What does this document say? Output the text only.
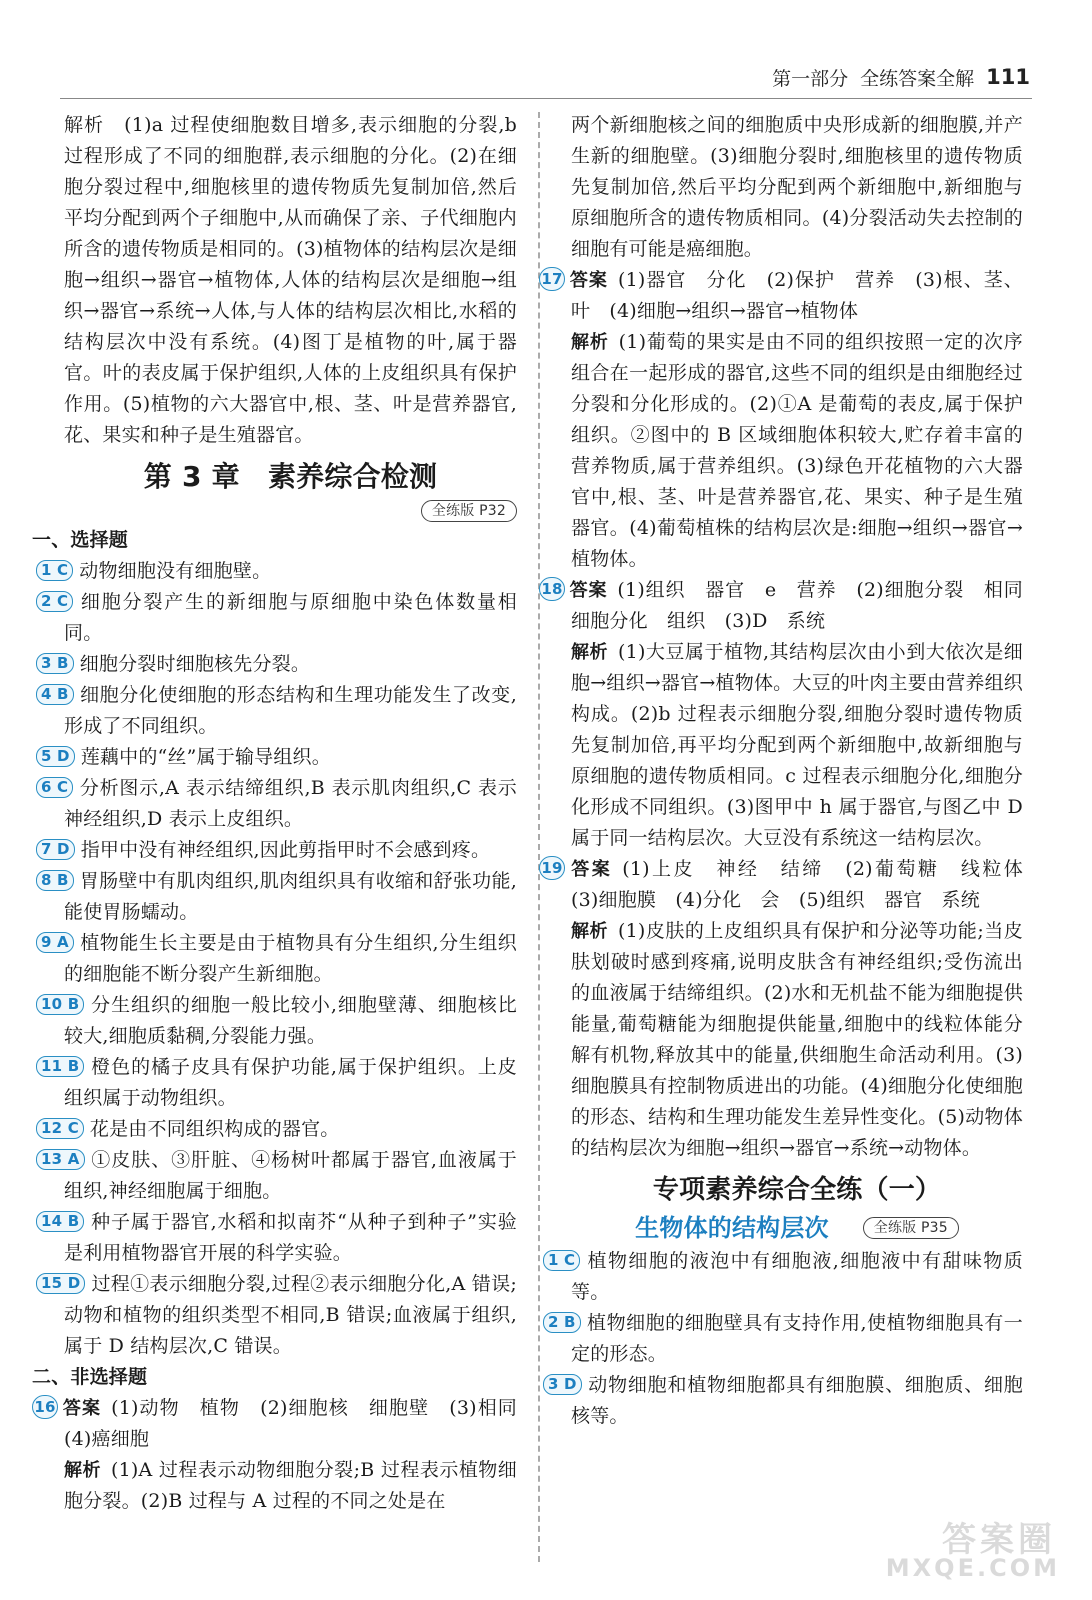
第一部分 全练答案全解 111

解析　(1)a 过程使细胞数目增多,表示细胞的分裂,b 过程形成了不同的细胞群,表示细胞的分化。(2)在细胞分裂过程中,细胞核里的遗传物质先复制加倍,然后平均分配到两个子细胞中,从而确保了亲、子代细胞内所含的遗传物质是相同的。(3)植物体的结构层次是细胞→组织→器官→植物体,人体的结构层次是细胞→组织→器官→系统→人体,与人体的结构层次相比,水稻的结构层次中没有系统。(4)图丁是植物的叶,属于器官。叶的表皮属于保护组织,人体的上皮组织具有保护作用。(5)植物的六大器官中,根、茎、叶是营养器官,花、果实和种子是生殖器官。

第 3 章　素养综合检测
全练版 P32
一、选择题

1 C 动物细胞没有细胞壁。

2 C 细胞分裂产生的新细胞与原细胞中染色体数量相同。

3 B 细胞分裂时细胞核先分裂。

4 B 细胞分化使细胞的形态结构和生理功能发生了改变,形成了不同组织。

5 D 莲藕中的“丝”属于输导组织。

6 C 分析图示,A 表示结缔组织,B 表示肌肉组织,C 表示神经组织,D 表示上皮组织。

7 D 指甲中没有神经组织,因此剪指甲时不会感到疼。

8 B 胃肠壁中有肌肉组织,肌肉组织具有收缩和舒张功能,能使胃肠蠕动。

9 A 植物能生长主要是由于植物具有分生组织,分生组织的细胞能不断分裂产生新细胞。

10 B 分生组织的细胞一般比较小,细胞壁薄、细胞核比较大,细胞质黏稠,分裂能力强。

11 B 橙色的橘子皮具有保护功能,属于保护组织。上皮组织属于动物组织。

12 C 花是由不同组织构成的器官。

13 A ①皮肤、③肝脏、④杨树叶都属于器官,血液属于组织,神经细胞属于细胞。

14 B 种子属于器官,水稻和拟南芥“从种子到种子”实验是利用植物器官开展的科学实验。

15 D 过程①表示细胞分裂,过程②表示细胞分化,A 错误;动物和植物的组织类型不相同,B 错误;血液属于组织,属于 D 结构层次,C 错误。

二、非选择题

16 答案 (1)动物　植物　(2)细胞核　细胞壁　(3)相同　(4)癌细胞

解析 (1)A 过程表示动物细胞分裂;B 过程表示植物细胞分裂。(2)B 过程与 A 过程的不同之处是在

两个新细胞核之间的细胞质中央形成新的细胞膜,并产生新的细胞壁。(3)细胞分裂时,细胞核里的遗传物质先复制加倍,然后平均分配到两个新细胞中,新细胞与原细胞所含的遗传物质相同。(4)分裂活动失去控制的细胞有可能是癌细胞。

17 答案 (1)器官　分化　(2)保护　营养　(3)根、茎、叶　(4)细胞→组织→器官→植物体

解析 (1)葡萄的果实是由不同的组织按照一定的次序组合在一起形成的器官,这些不同的组织是由细胞经过分裂和分化形成的。(2)①A 是葡萄的表皮,属于保护组织。②图中的 B 区域细胞体积较大,贮存着丰富的营养物质,属于营养组织。(3)绿色开花植物的六大器官中,根、茎、叶是营养器官,花、果实、种子是生殖器官。(4)葡萄植株的结构层次是:细胞→组织→器官→植物体。

18 答案 (1)组织　器官　e　营养　(2)细胞分裂　相同　细胞分化　组织　(3)D　系统

解析 (1)大豆属于植物,其结构层次由小到大依次是细胞→组织→器官→植物体。大豆的叶肉主要由营养组织构成。(2)b 过程表示细胞分裂,细胞分裂时遗传物质先复制加倍,再平均分配到两个新细胞中,故新细胞与原细胞的遗传物质相同。c 过程表示细胞分化,细胞分化形成不同组织。(3)图甲中 h 属于器官,与图乙中 D 属于同一结构层次。大豆没有系统这一结构层次。

19 答案 (1)上皮　神经　结缔　(2)葡萄糖　线粒体　(3)细胞膜　(4)分化　会　(5)组织　器官　系统

解析 (1)皮肤的上皮组织具有保护和分泌等功能;当皮肤划破时感到疼痛,说明皮肤含有神经组织;受伤流出的血液属于结缔组织。(2)水和无机盐不能为细胞提供能量,葡萄糖能为细胞提供能量,细胞中的线粒体能分解有机物,释放其中的能量,供细胞生命活动利用。(3)细胞膜具有控制物质进出的功能。(4)细胞分化使细胞的形态、结构和生理功能发生差异性变化。(5)动物体的结构层次为细胞→组织→器官→系统→动物体。

专项素养综合全练（一）
生物体的结构层次	全练版 P35

1 C 植物细胞的液泡中有细胞液,细胞液中有甜味物质等。

2 B 植物细胞的细胞壁具有支持作用,使植物细胞具有一定的形态。

3 D 动物细胞和植物细胞都具有细胞膜、细胞质、细胞核等。

答案圈
MXQE.COM
